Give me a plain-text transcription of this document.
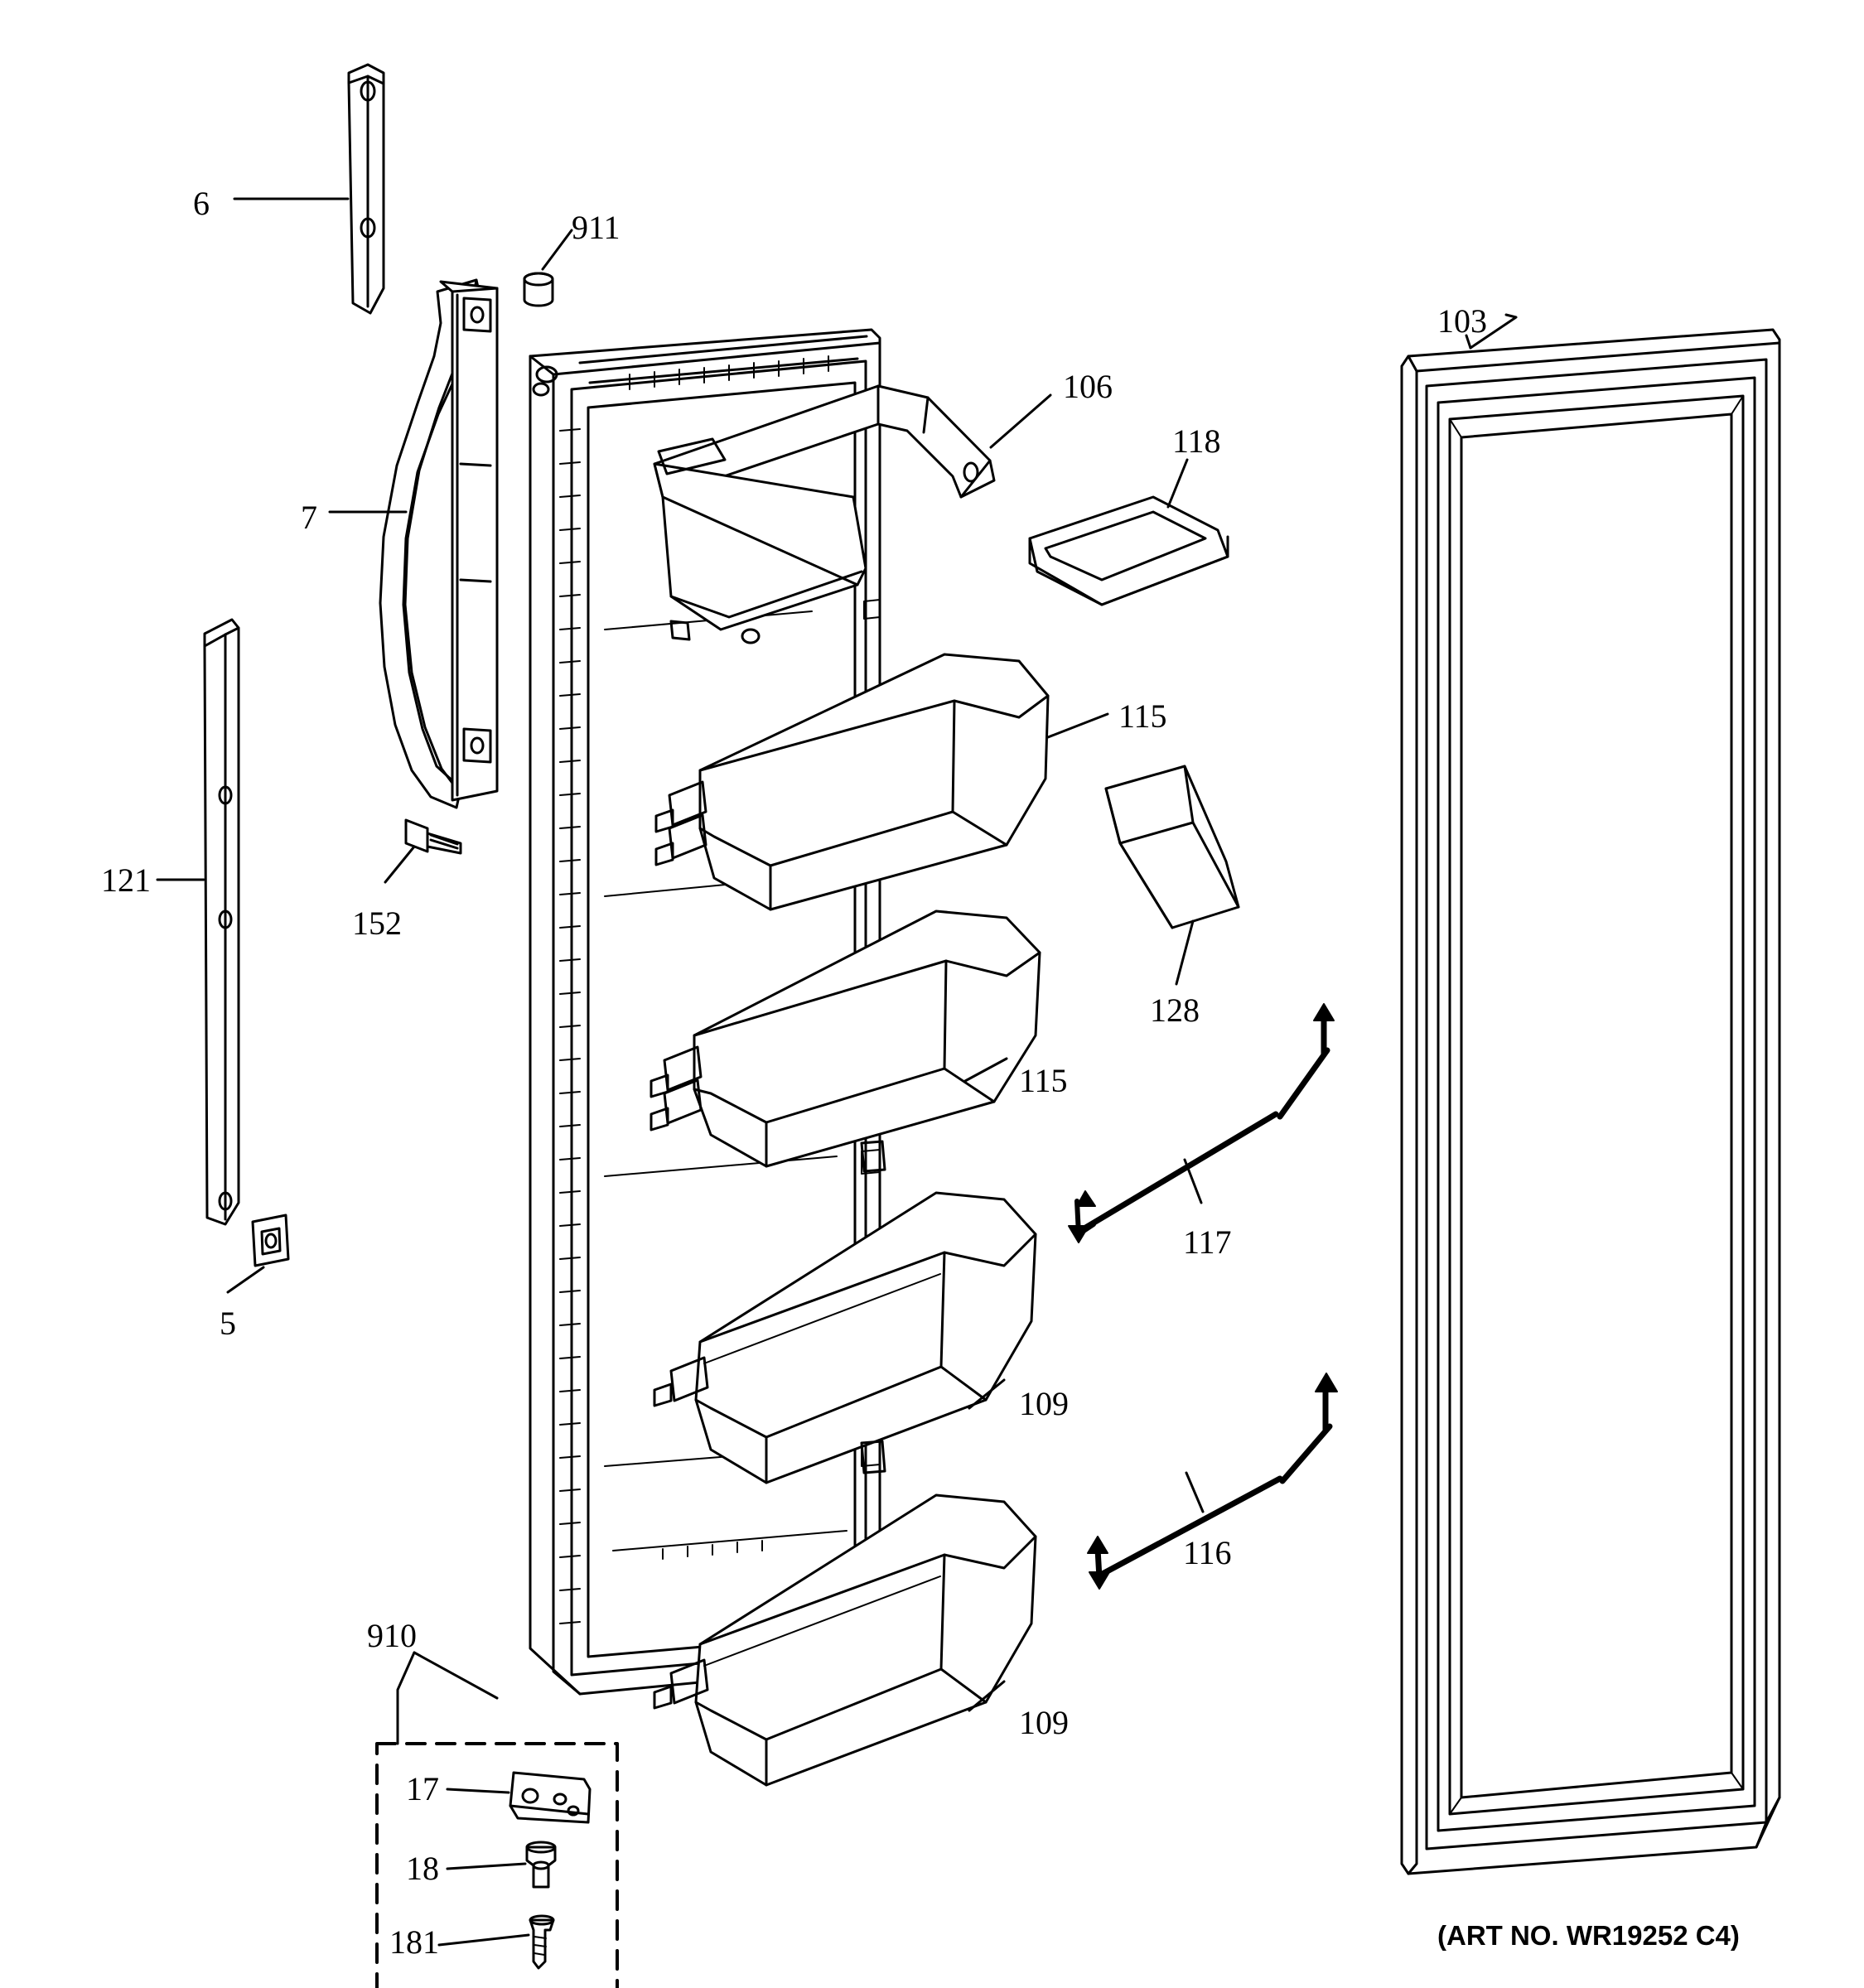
6
911
7
152
121
5
106
118
115
128
115
117
109
116
109
910
17
18
181
103
(ART NO. WR19252 C4)
